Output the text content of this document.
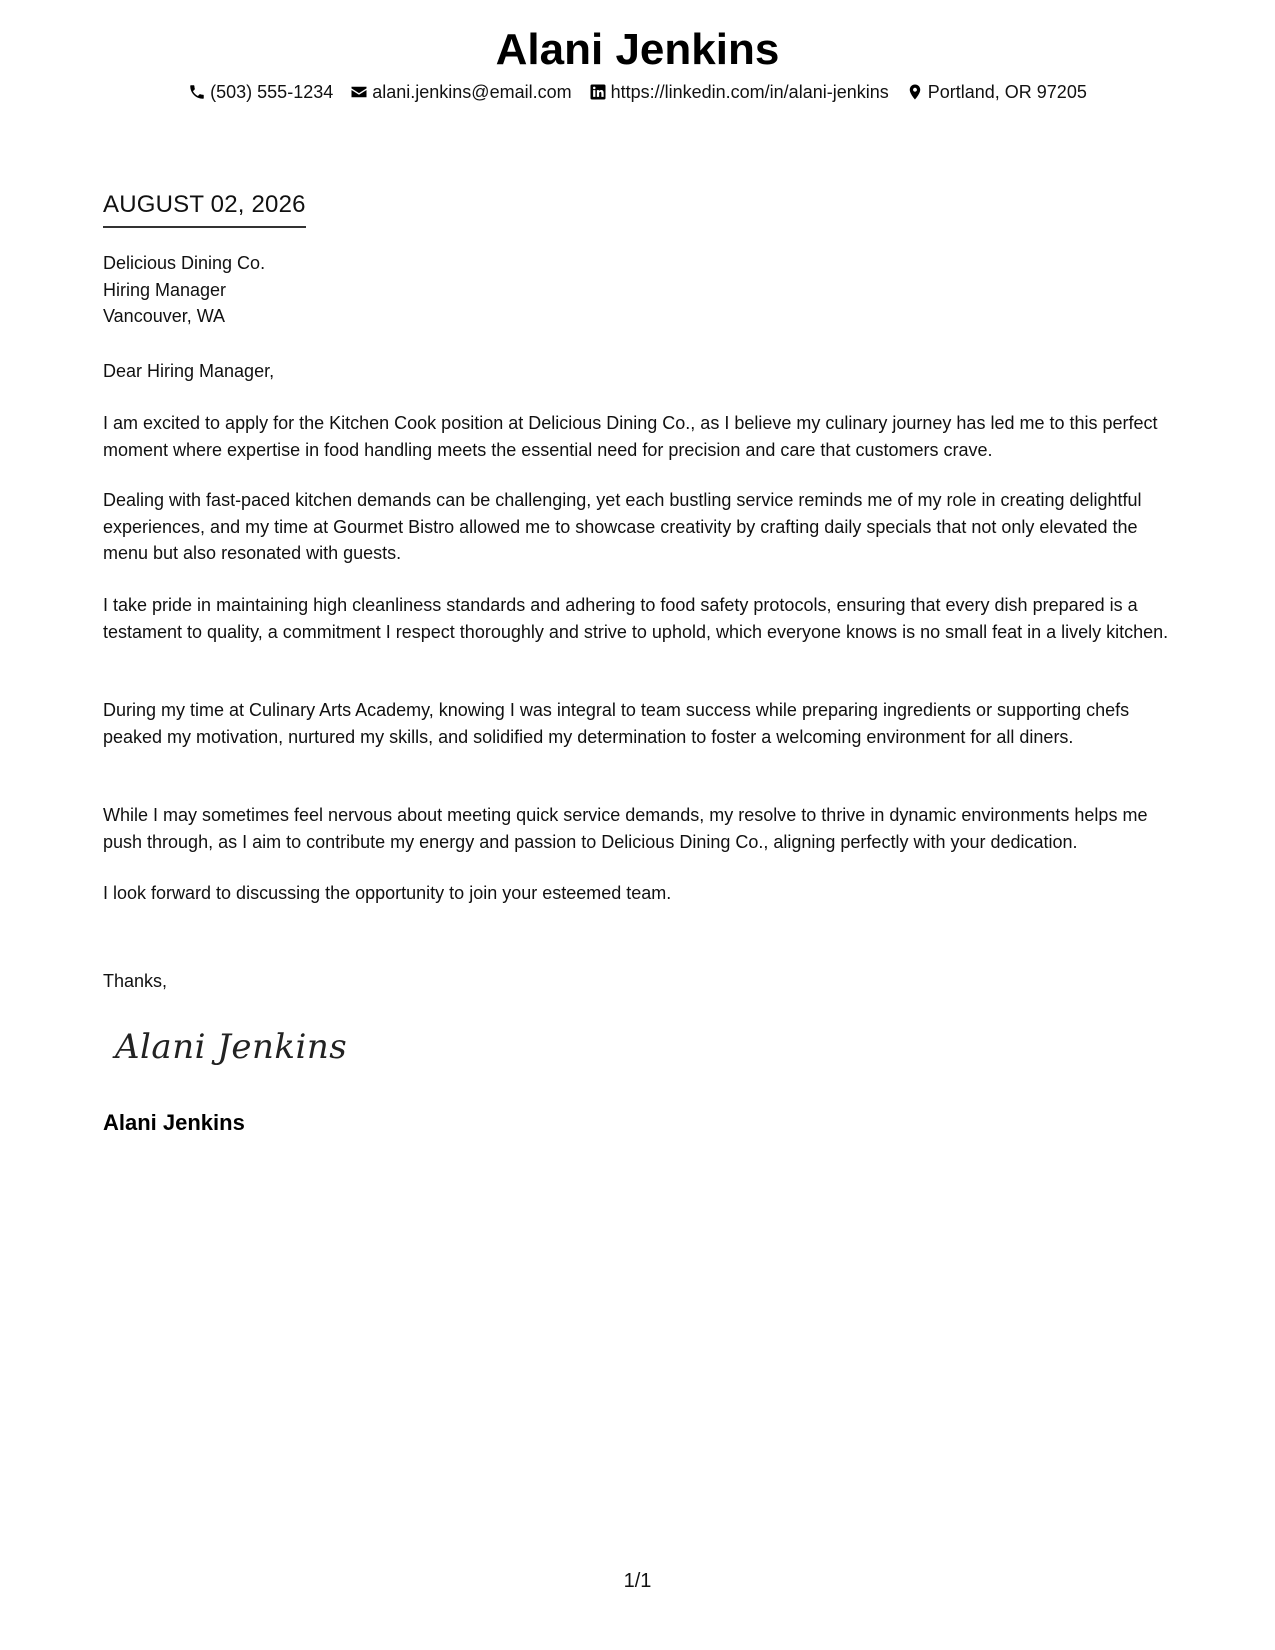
Alani Jenkins
(503) 555-1234 alani.jenkins@email.com https://linkedin.com/in/alani-jenkins Portland, OR 97205
AUGUST 02, 2026
Delicious Dining Co.
Hiring Manager
Vancouver, WA
Dear Hiring Manager,

I am excited to apply for the Kitchen Cook position at Delicious Dining Co., as I believe my culinary journey has led me to this perfect moment where expertise in food handling meets the essential need for precision and care that customers crave.

Dealing with fast-paced kitchen demands can be challenging, yet each bustling service reminds me of my role in creating delightful experiences, and my time at Gourmet Bistro allowed me to showcase creativity by crafting daily specials that not only elevated the menu but also resonated with guests.

I take pride in maintaining high cleanliness standards and adhering to food safety protocols, ensuring that every dish prepared is a testament to quality, a commitment I respect thoroughly and strive to uphold, which everyone knows is no small feat in a lively kitchen.

During my time at Culinary Arts Academy, knowing I was integral to team success while preparing ingredients or supporting chefs peaked my motivation, nurtured my skills, and solidified my determination to foster a welcoming environment for all diners.

While I may sometimes feel nervous about meeting quick service demands, my resolve to thrive in dynamic environments helps me push through, as I aim to contribute my energy and passion to Delicious Dining Co., aligning perfectly with your dedication.

I look forward to discussing the opportunity to join your esteemed team.

Thanks,
Alani Jenkins
Alani Jenkins
1/1
